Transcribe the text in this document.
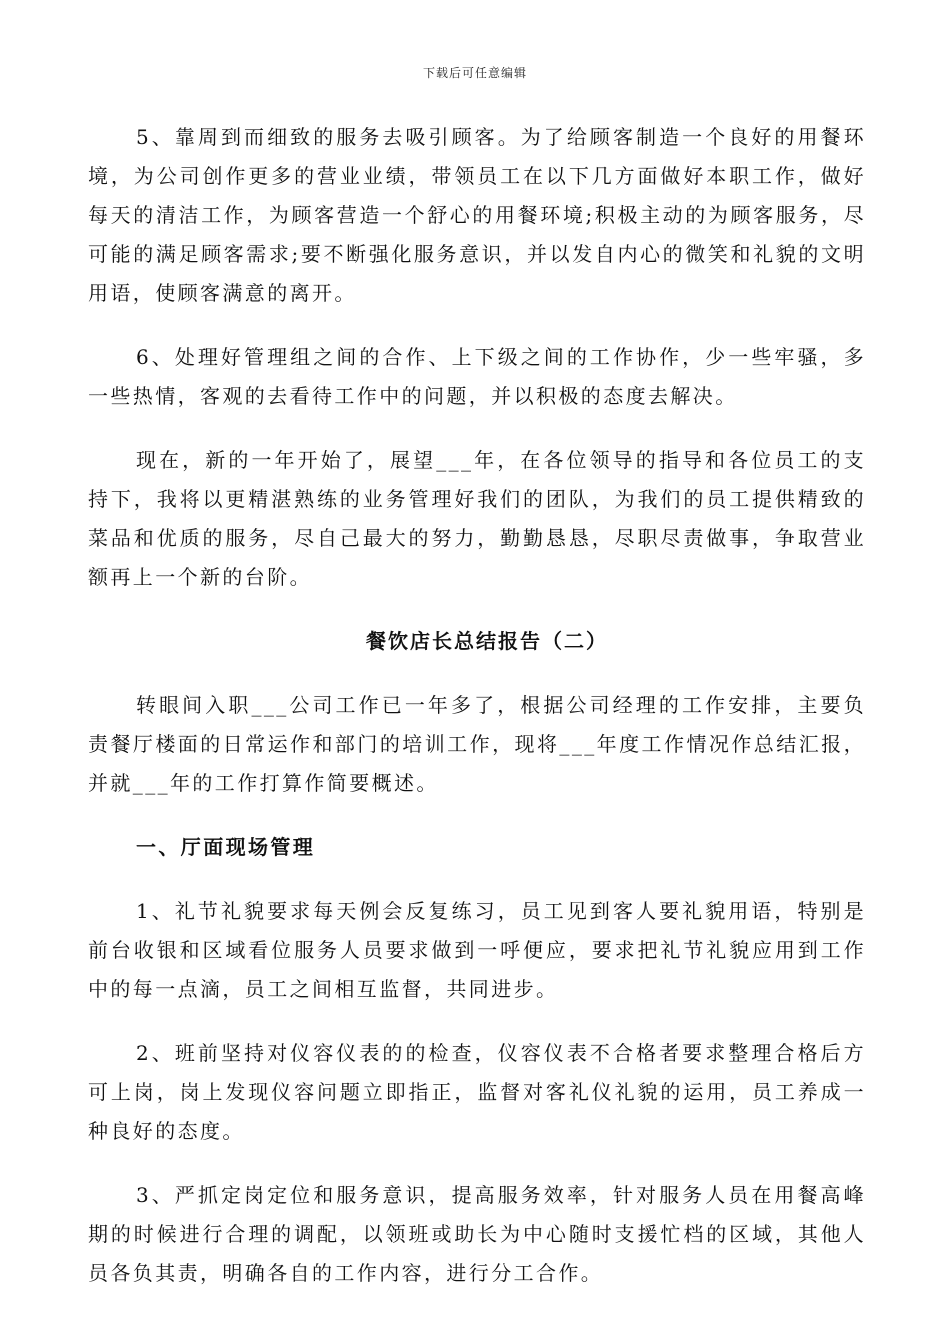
下载后可任意编辑

5、靠周到而细致的服务去吸引顾客。为了给顾客制造一个良好的用餐环境，为公司创作更多的营业业绩，带领员工在以下几方面做好本职工作，做好每天的清洁工作，为顾客营造一个舒心的用餐环境;积极主动的为顾客服务，尽可能的满足顾客需求;要不断强化服务意识，并以发自内心的微笑和礼貌的文明用语，使顾客满意的离开。

6、处理好管理组之间的合作、上下级之间的工作协作，少一些牢骚，多一些热情，客观的去看待工作中的问题，并以积极的态度去解决。

现在，新的一年开始了，展望___年，在各位领导的指导和各位员工的支持下，我将以更精湛熟练的业务管理好我们的团队，为我们的员工提供精致的菜品和优质的服务，尽自己最大的努力，勤勤恳恳，尽职尽责做事，争取营业额再上一个新的台阶。

餐饮店长总结报告（二）

转眼间入职___公司工作已一年多了，根据公司经理的工作安排，主要负责餐厅楼面的日常运作和部门的培训工作，现将___年度工作情况作总结汇报，并就___年的工作打算作简要概述。

一、厅面现场管理

1、礼节礼貌要求每天例会反复练习，员工见到客人要礼貌用语，特别是前台收银和区域看位服务人员要求做到一呼便应，要求把礼节礼貌应用到工作中的每一点滴，员工之间相互监督，共同进步。

2、班前坚持对仪容仪表的的检查，仪容仪表不合格者要求整理合格后方可上岗，岗上发现仪容问题立即指正，监督对客礼仪礼貌的运用，员工养成一种良好的态度。

3、严抓定岗定位和服务意识，提高服务效率，针对服务人员在用餐高峰期的时候进行合理的调配，以领班或助长为中心随时支援忙档的区域，其他人员各负其责，明确各自的工作内容，进行分工合作。
